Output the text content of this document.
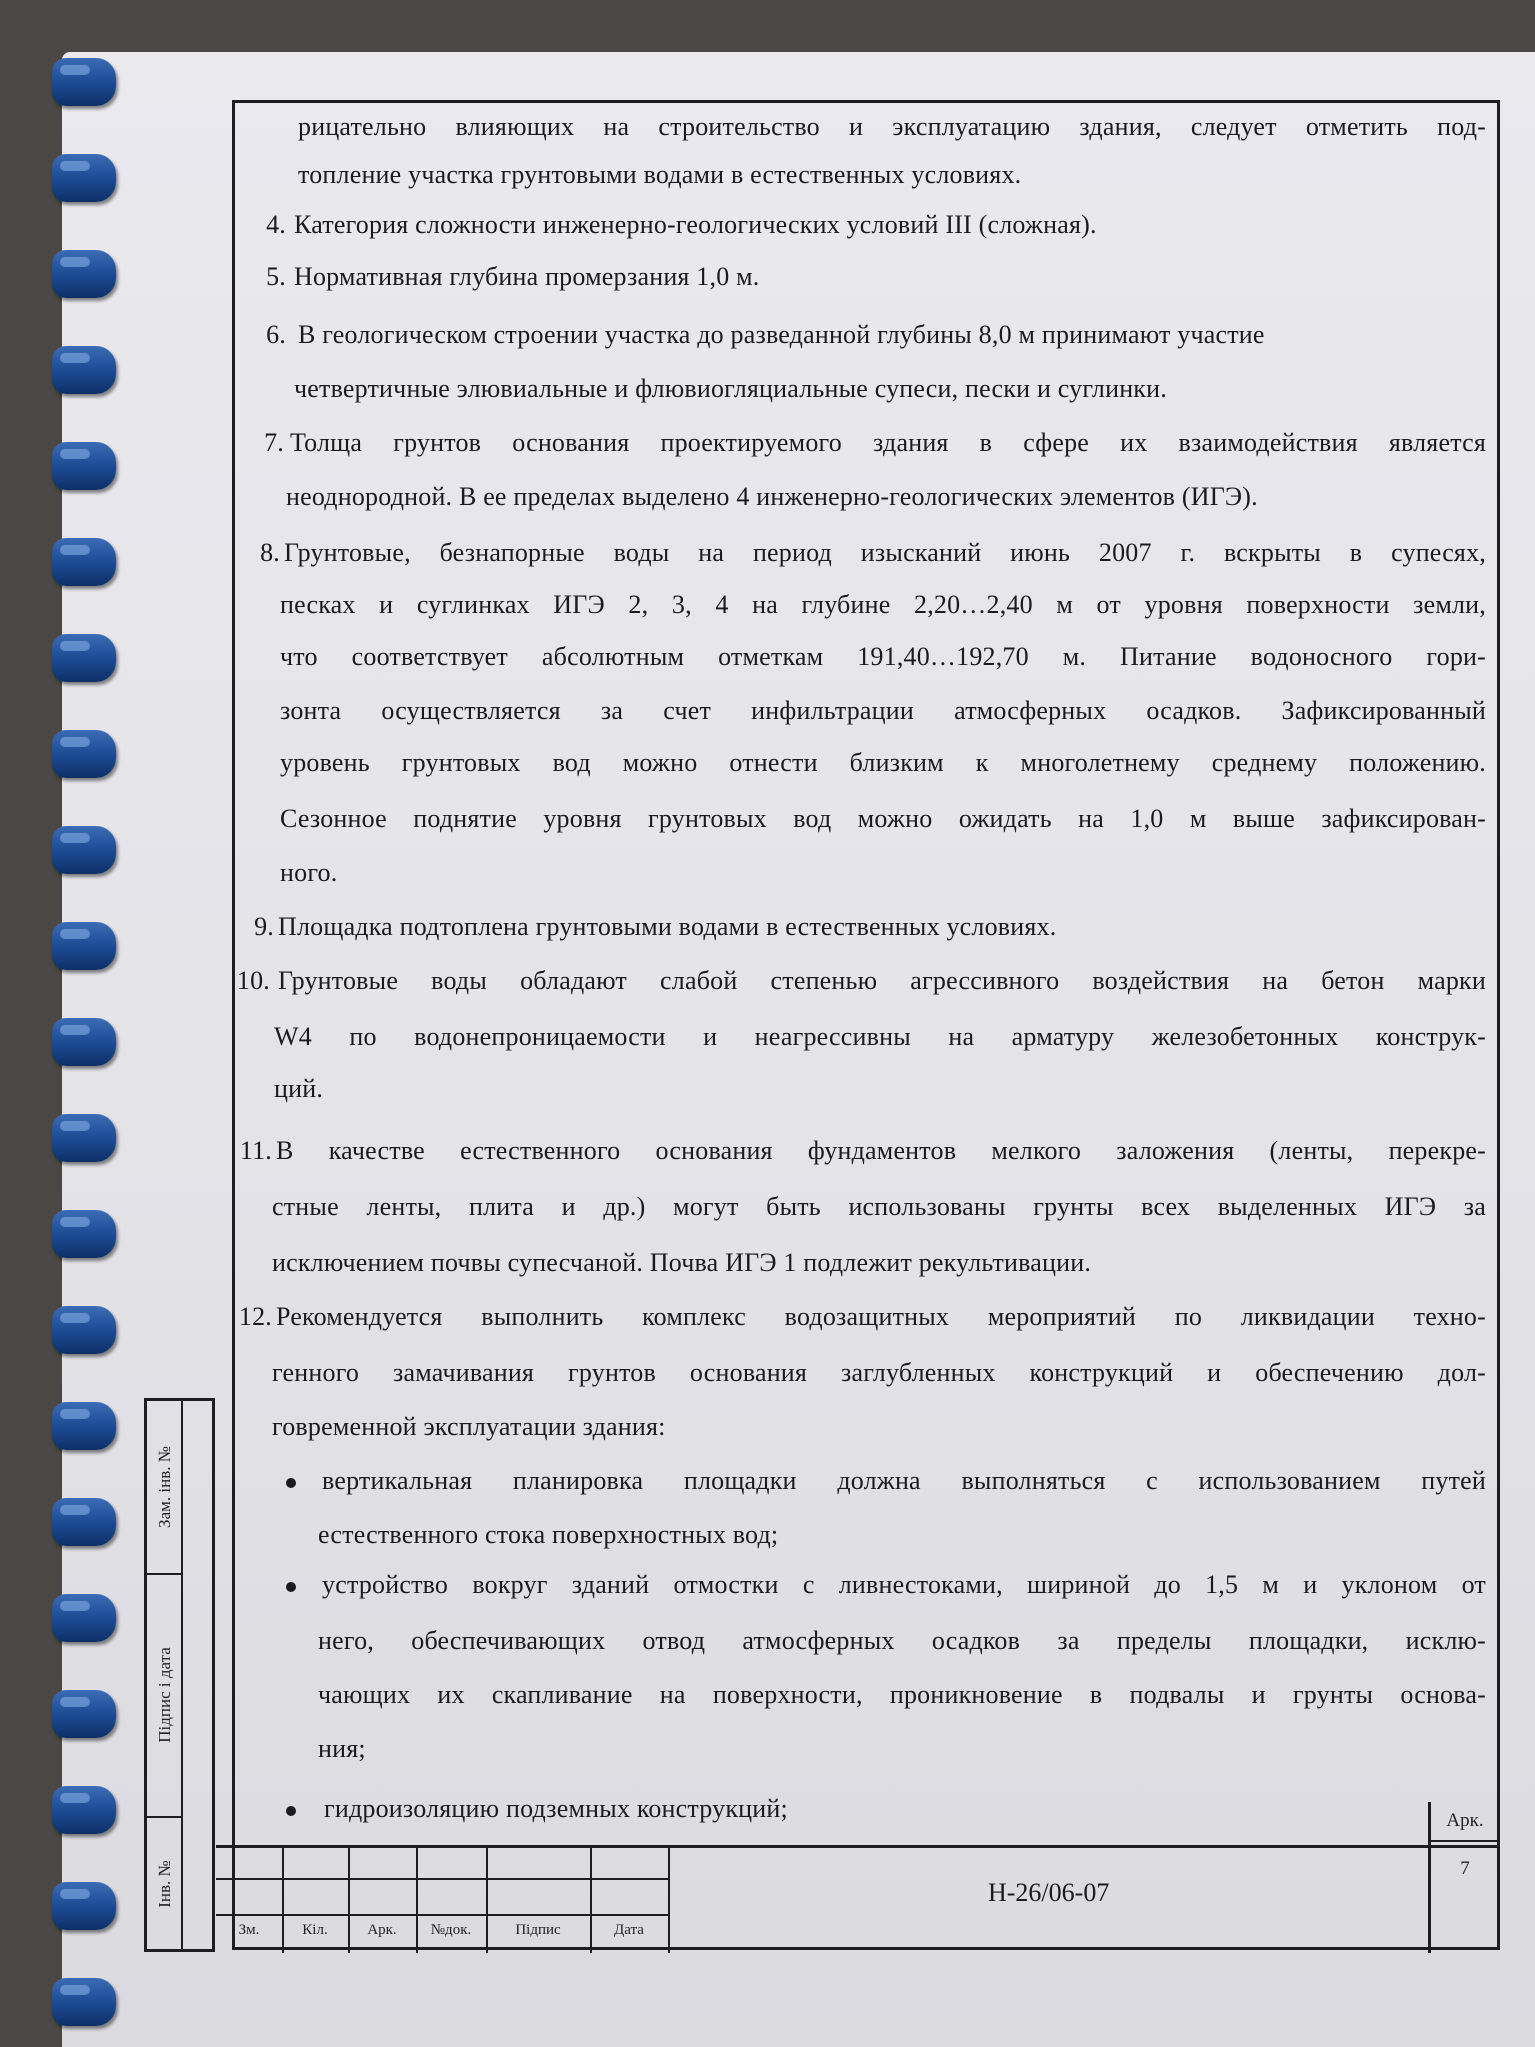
Зам. інв. №
Підпис і дата
Інв. №
рицательно влияющих на строительство и эксплуатацию здания, следует отметить под-
топление участка грунтовыми водами в естественных условиях.
4. Категория сложности инженерно-геологических условий III (сложная).
5. Нормативная глубина промерзания 1,0 м.
6. В геологическом строении участка до разведанной глубины 8,0 м принимают участие
четвертичные элювиальные и флювиогляциальные супеси, пески и суглинки.
7. Толща грунтов основания проектируемого здания в сфере их взаимодействия является
неоднородной. В ее пределах выделено 4 инженерно-геологических элементов (ИГЭ).
8. Грунтовые, безнапорные воды на период изысканий июнь 2007 г. вскрыты в супесях,
песках и суглинках ИГЭ 2, 3, 4 на глубине 2,20…2,40 м от уровня поверхности земли,
что соответствует абсолютным отметкам 191,40…192,70 м. Питание водоносного гори-
зонта осуществляется за счет инфильтрации атмосферных осадков. Зафиксированный
уровень грунтовых вод можно отнести близким к многолетнему среднему положению.
Сезонное поднятие уровня грунтовых вод можно ожидать на 1,0 м выше зафиксирован-
ного.
9. Площадка подтоплена грунтовыми водами в естественных условиях.
10. Грунтовые воды обладают слабой степенью агрессивного воздействия на бетон марки
W4 по водонепроницаемости и неагрессивны на арматуру железобетонных конструк-
ций.
11. В качестве естественного основания фундаментов мелкого заложения (ленты, перекре-
стные ленты, плита и др.) могут быть использованы грунты всех выделенных ИГЭ за
исключением почвы супесчаной. Почва ИГЭ 1 подлежит рекультивации.
12. Рекомендуется выполнить комплекс водозащитных мероприятий по ликвидации техно-
генного замачивания грунтов основания заглубленных конструкций и обеспечению дол-
говременной эксплуатации здания:
вертикальная планировка площадки должна выполняться с использованием путей
естественного стока поверхностных вод;
устройство вокруг зданий отмостки с ливнестоками, шириной до 1,5 м и уклоном от
него, обеспечивающих отвод атмосферных осадков за пределы площадки, исклю-
чающих их скапливание на поверхности, проникновение в подвалы и грунты основа-
ния;
гидроизоляцию подземных конструкций;
Зм.	Кіл.	Арк.	№док.	Підпис	Дата
Н-26/06-07
Арк.
7
